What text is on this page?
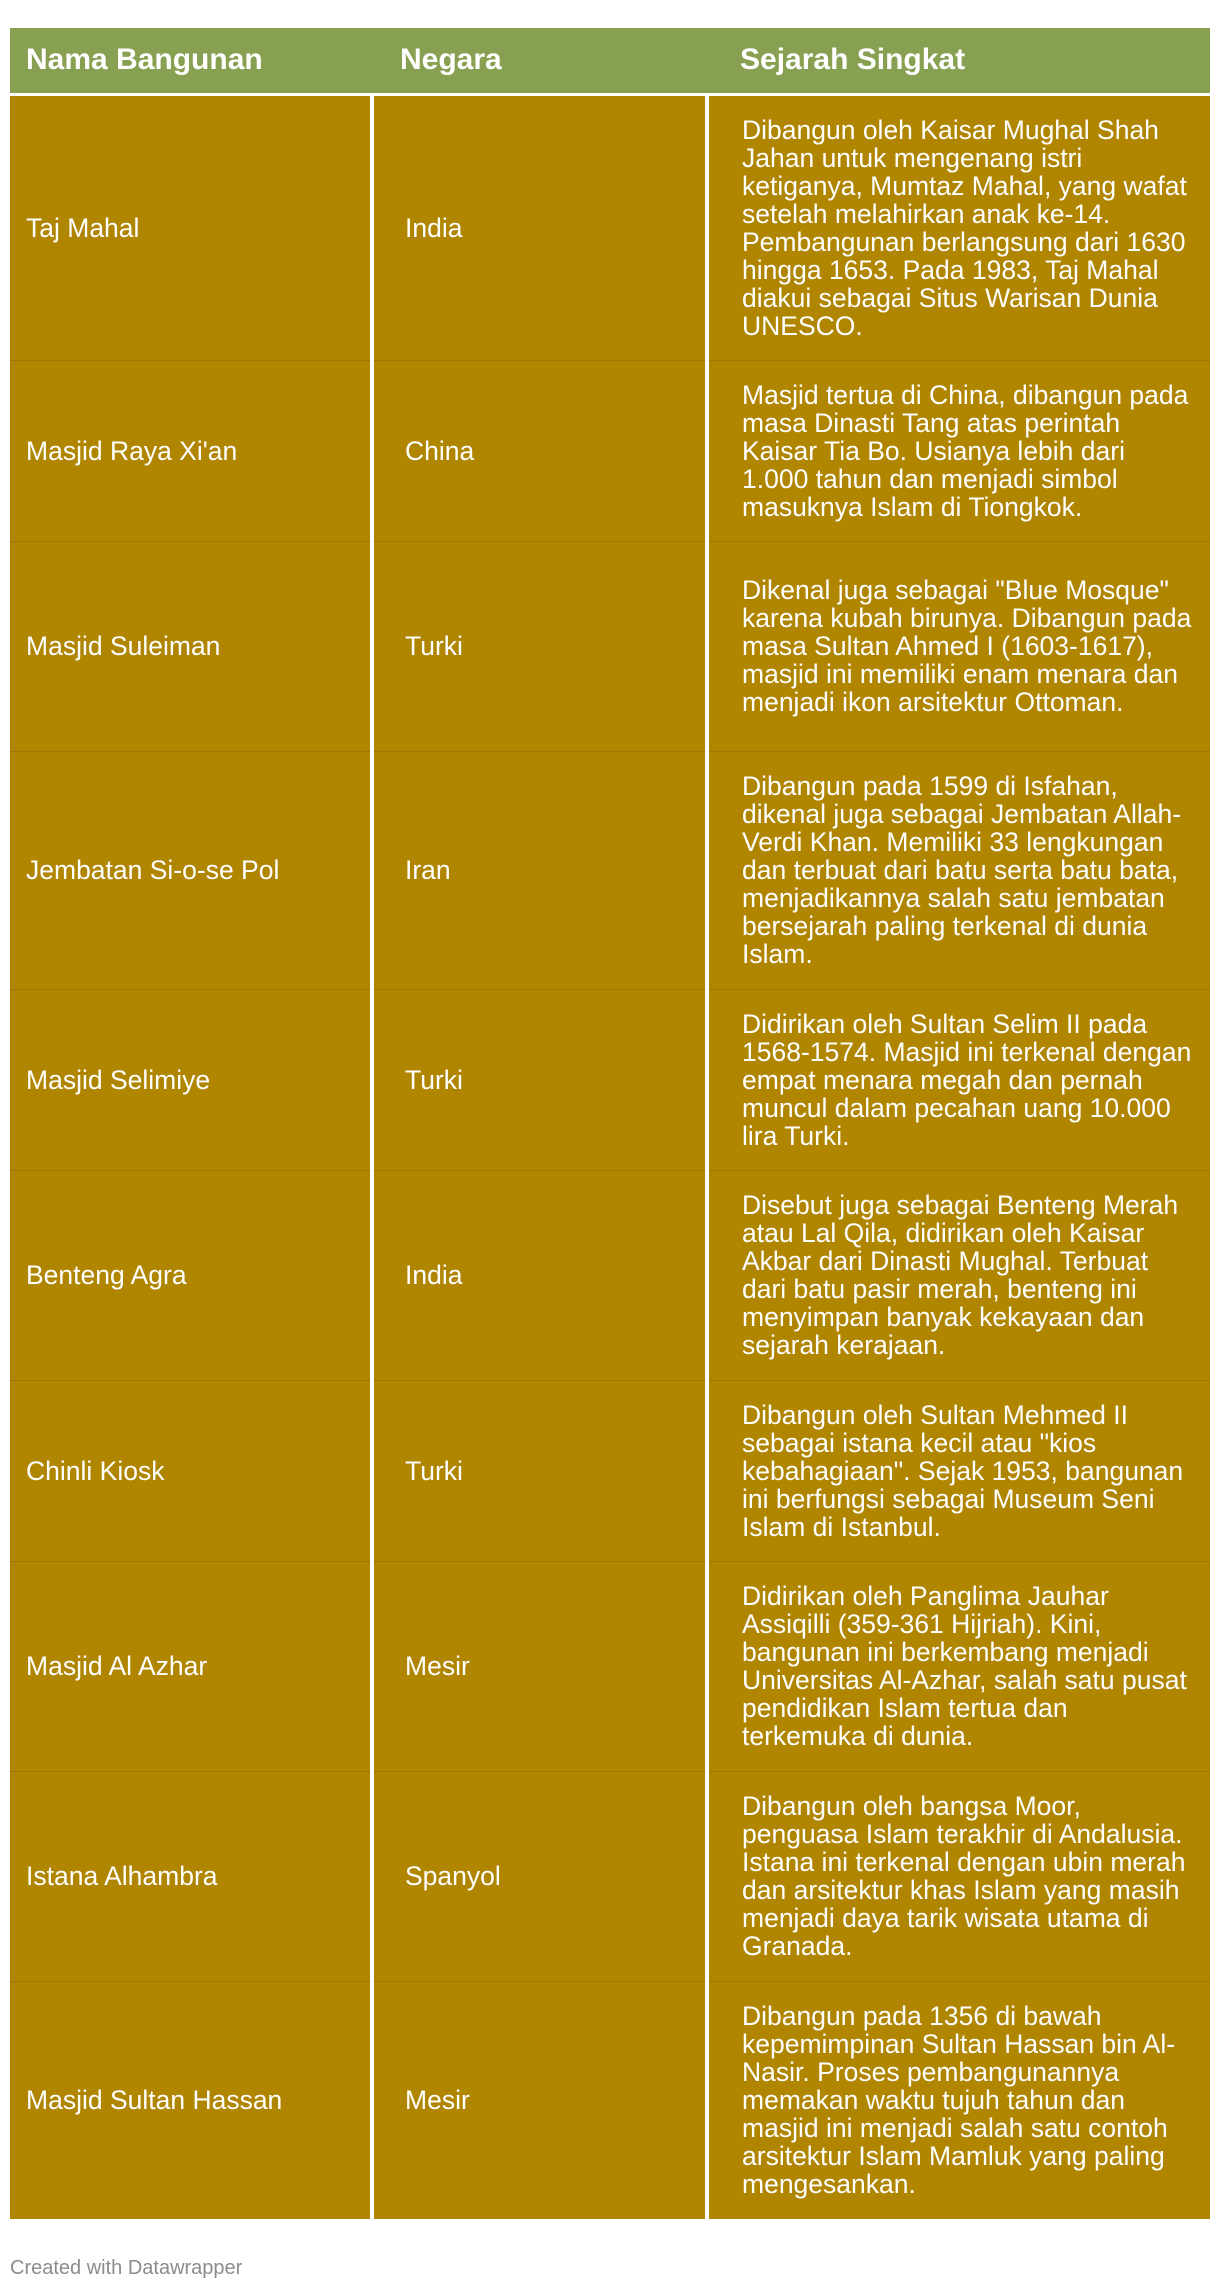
Nama Bangunan	Negara	Sejarah Singkat
Taj Mahal	India	Dibangun oleh Kaisar Mughal Shah Jahan untuk mengenang istri ketiganya, Mumtaz Mahal, yang wafat setelah melahirkan anak ke-14. Pembangunan berlangsung dari 1630 hingga 1653. Pada 1983, Taj Mahal diakui sebagai Situs Warisan Dunia UNESCO.
Masjid Raya Xi'an	China	Masjid tertua di China, dibangun pada masa Dinasti Tang atas perintah Kaisar Tia Bo. Usianya lebih dari 1.000 tahun dan menjadi simbol masuknya Islam di Tiongkok.
Masjid Suleiman	Turki	Dikenal juga sebagai "Blue Mosque" karena kubah birunya. Dibangun pada masa Sultan Ahmed I (1603-1617), masjid ini memiliki enam menara dan menjadi ikon arsitektur Ottoman.
Jembatan Si-o-se Pol	Iran	Dibangun pada 1599 di Isfahan, dikenal juga sebagai Jembatan Allah-Verdi Khan. Memiliki 33 lengkungan dan terbuat dari batu serta batu bata, menjadikannya salah satu jembatan bersejarah paling terkenal di dunia Islam.
Masjid Selimiye	Turki	Didirikan oleh Sultan Selim II pada 1568-1574. Masjid ini terkenal dengan empat menara megah dan pernah muncul dalam pecahan uang 10.000 lira Turki.
Benteng Agra	India	Disebut juga sebagai Benteng Merah atau Lal Qila, didirikan oleh Kaisar Akbar dari Dinasti Mughal. Terbuat dari batu pasir merah, benteng ini menyimpan banyak kekayaan dan sejarah kerajaan.
Chinli Kiosk	Turki	Dibangun oleh Sultan Mehmed II sebagai istana kecil atau "kios kebahagiaan". Sejak 1953, bangunan ini berfungsi sebagai Museum Seni Islam di Istanbul.
Masjid Al Azhar	Mesir	Didirikan oleh Panglima Jauhar Assiqilli (359-361 Hijriah). Kini, bangunan ini berkembang menjadi Universitas Al-Azhar, salah satu pusat pendidikan Islam tertua dan terkemuka di dunia.
Istana Alhambra	Spanyol	Dibangun oleh bangsa Moor, penguasa Islam terakhir di Andalusia. Istana ini terkenal dengan ubin merah dan arsitektur khas Islam yang masih menjadi daya tarik wisata utama di Granada.
Masjid Sultan Hassan	Mesir	Dibangun pada 1356 di bawah kepemimpinan Sultan Hassan bin Al-Nasir. Proses pembangunannya memakan waktu tujuh tahun dan masjid ini menjadi salah satu contoh arsitektur Islam Mamluk yang paling mengesankan.
Created with Datawrapper
